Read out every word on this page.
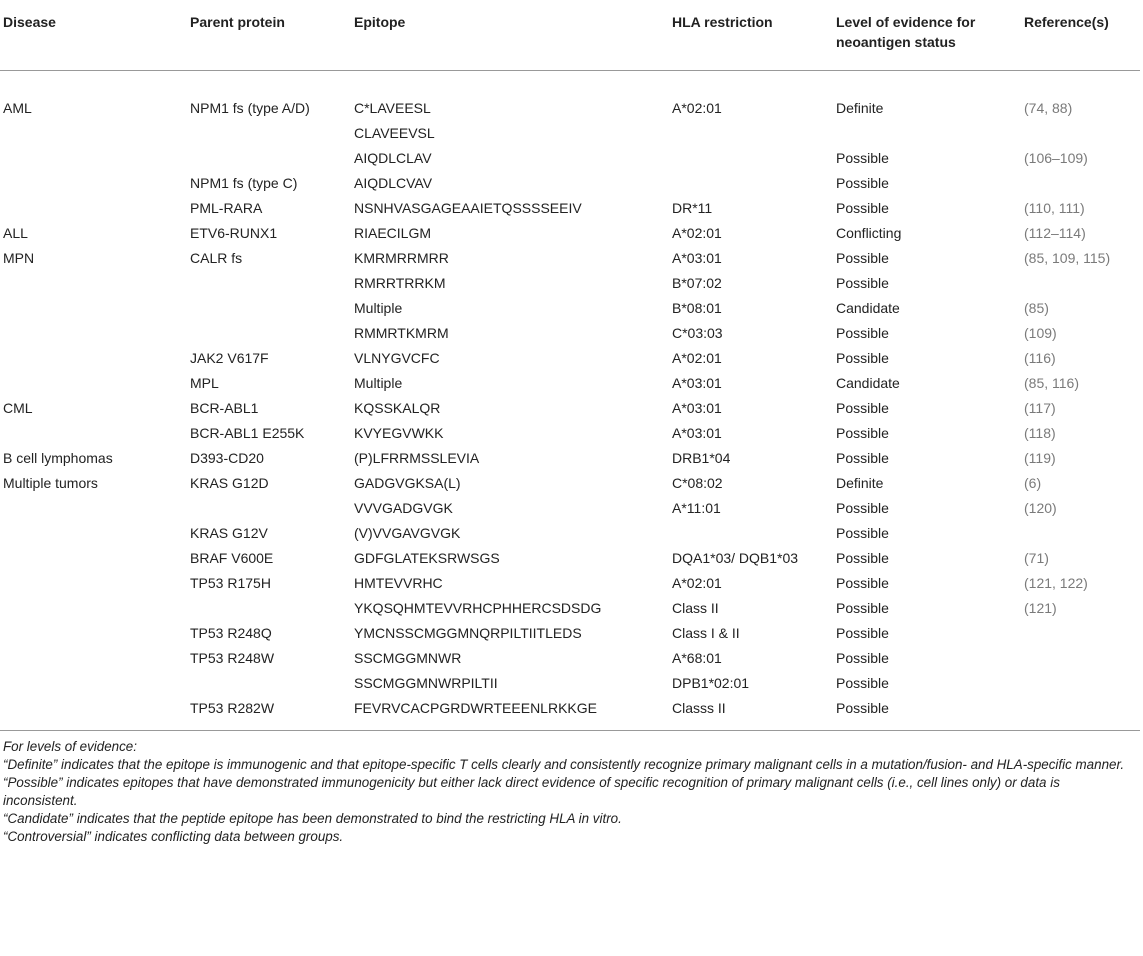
Disease	Parent protein	Epitope	HLA restriction	Level of evidence for neoantigen status	Reference(s)
AML	NPM1 fs (type A/D)	C*LAVEESL	A*02:01	Definite	(74, 88)
		CLAVEEVSL			
		AIQDLCLAV		Possible	(106–109)
	NPM1 fs (type C)	AIQDLCVAV		Possible	
	PML-RARA	NSNHVASGAGEAAIETQSSSSEEIV	DR*11	Possible	(110, 111)
ALL	ETV6-RUNX1	RIAECILGM	A*02:01	Conflicting	(112–114)
MPN	CALR fs	KMRMRRMRR	A*03:01	Possible	(85, 109, 115)
		RMRRTRRKM	B*07:02	Possible	
		Multiple	B*08:01	Candidate	(85)
		RMMRTKMRM	C*03:03	Possible	(109)
	JAK2 V617F	VLNYGVCFC	A*02:01	Possible	(116)
	MPL	Multiple	A*03:01	Candidate	(85, 116)
CML	BCR-ABL1	KQSSKALQR	A*03:01	Possible	(117)
	BCR-ABL1 E255K	KVYEGVWKK	A*03:01	Possible	(118)
B cell lymphomas	D393-CD20	(P)LFRRMSSLEVIA	DRB1*04	Possible	(119)
Multiple tumors	KRAS G12D	GADGVGKSA(L)	C*08:02	Definite	(6)
		VVVGADGVGK	A*11:01	Possible	(120)
	KRAS G12V	(V)VVGAVGVGK		Possible	
	BRAF V600E	GDFGLATEKSRWSGS	DQA1*03/ DQB1*03	Possible	(71)
	TP53 R175H	HMTEVVRHC	A*02:01	Possible	(121, 122)
		YKQSQHMTEVVRHCPHHERCSDSDG	Class II	Possible	(121)
	TP53 R248Q	YMCNSSCMGGMNQRPILTIITLEDS	Class I & II	Possible	
	TP53 R248W	SSCMGGMNWR	A*68:01	Possible	
		SSCMGGMNWRPILTII	DPB1*02:01	Possible	
	TP53 R282W	FEVRVCACPGRDWRTEEENLRKKGE	Classs II	Possible	

For levels of evidence:

“Definite” indicates that the epitope is immunogenic and that epitope-specific T cells clearly and consistently recognize primary malignant cells in a mutation/fusion- and HLA-specific manner.

“Possible” indicates epitopes that have demonstrated immunogenicity but either lack direct evidence of specific recognition of primary malignant cells (i.e., cell lines only) or data is inconsistent.

“Candidate” indicates that the peptide epitope has been demonstrated to bind the restricting HLA in vitro.

“Controversial” indicates conflicting data between groups.
